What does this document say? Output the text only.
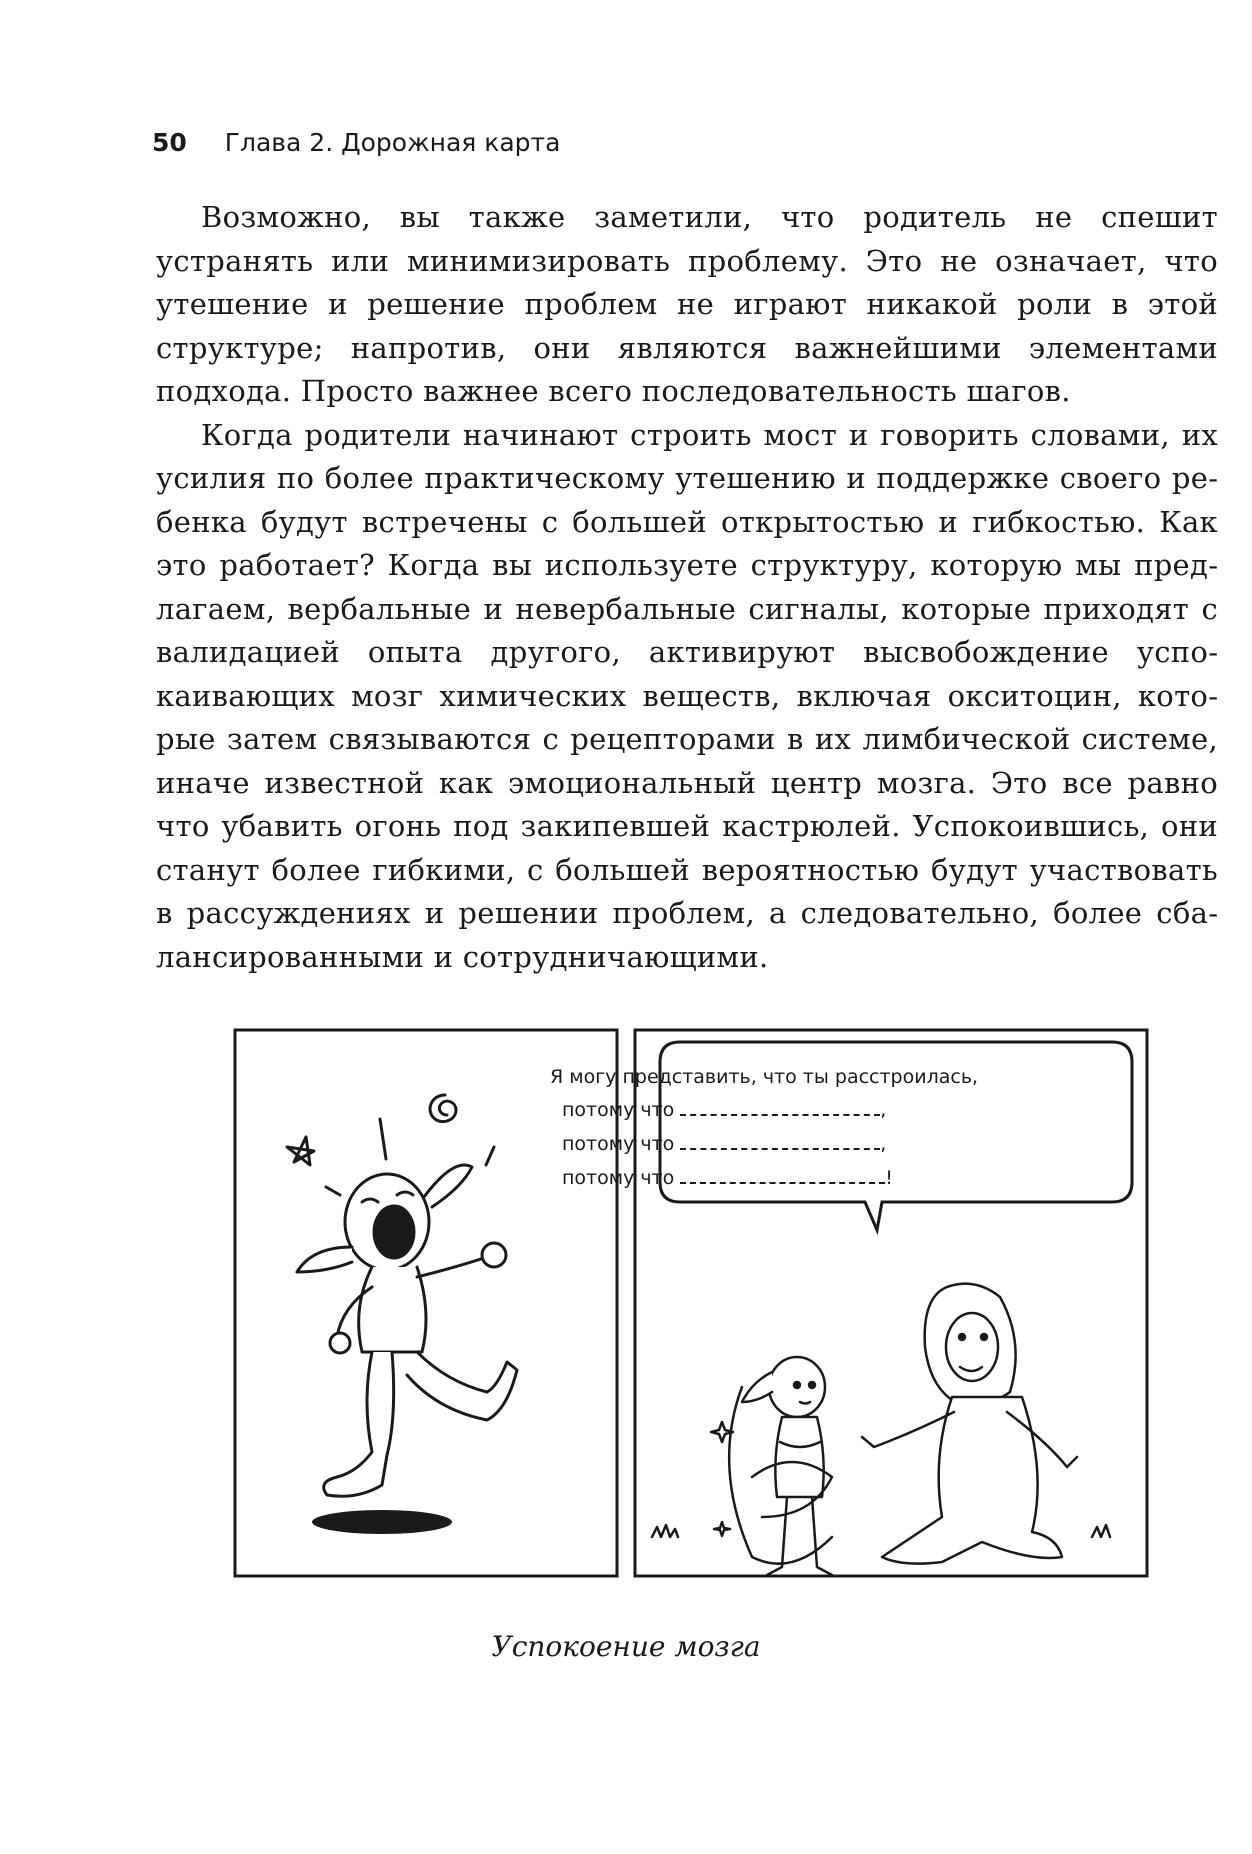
50 Глава 2. Дорожная карта

Возможно, вы также заметили, что родитель не спешит устранять или минимизировать проблему. Это не означает, что утешение и решение проблем не играют никакой роли в этой структуре; напротив, они являются важнейшими элементами подхода. Просто важнее всего последовательность шагов.

Когда родители начинают строить мост и говорить словами, их усилия по более практическому утешению и поддержке своего ребенка будут встречены с большей открытостью и гибкостью. Как это работает? Когда вы используете структуру, которую мы предлагаем, вербальные и невербальные сигналы, которые приходят с валидацией опыта другого, активируют высвобождение успокаивающих мозг химических веществ, включая окситоцин, которые затем связываются с рецепторами в их лимбической системе, иначе известной как эмоциональный центр мозга. Это все равно что убавить огонь под закипевшей кастрюлей. Успокоившись, они станут более гибкими, с большей вероятностью будут участвовать в рассуждениях и решении проблем, а следовательно, более сбалансированными и сотрудничающими.

Я могу представить, что ты расстроилась,
потому что	,
потому что	,
потому что	!
Успокоение мозга
